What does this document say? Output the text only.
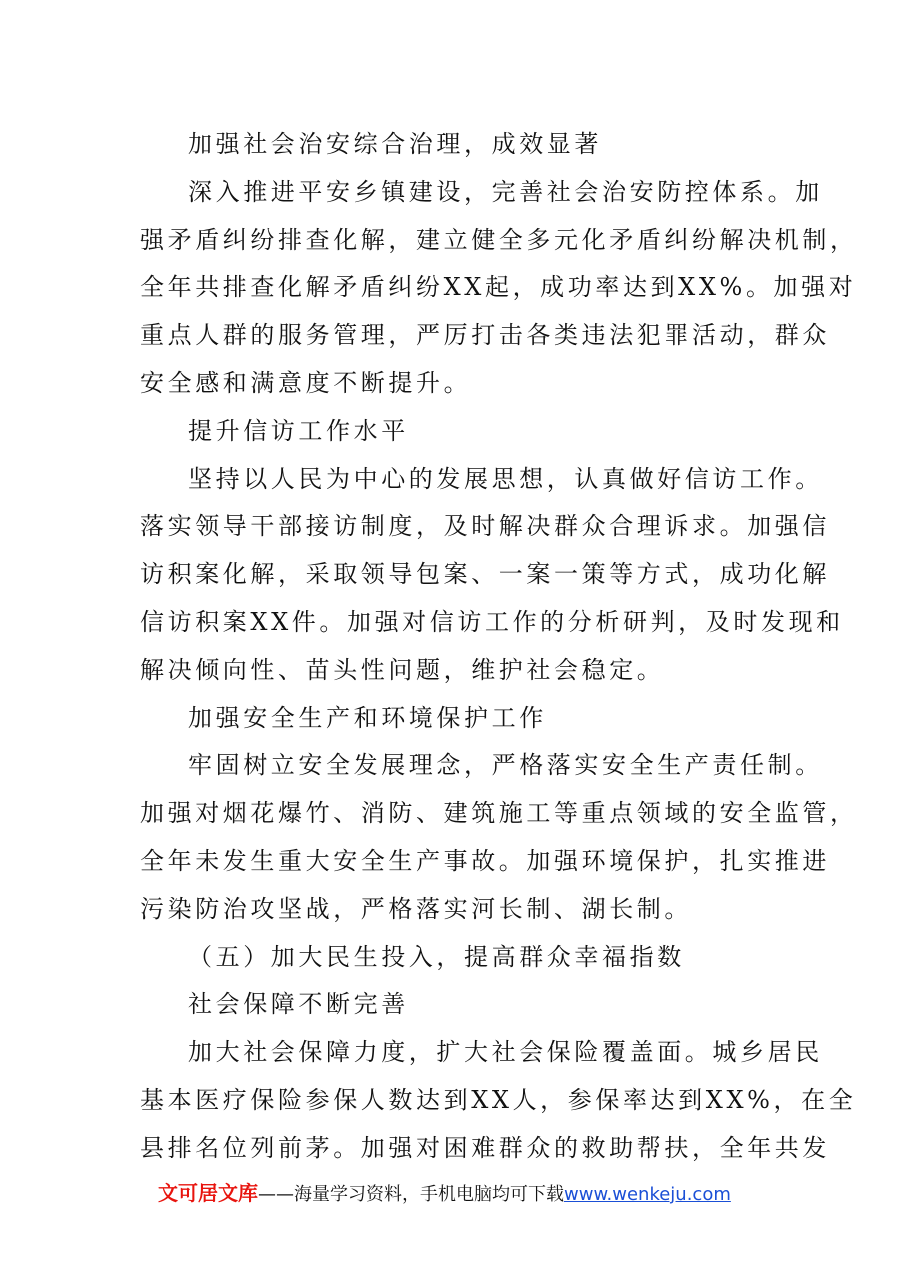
加强社会治安综合治理，成效显著
深入推进平安乡镇建设，完善社会治安防控体系。加
强矛盾纠纷排查化解，建立健全多元化矛盾纠纷解决机制，
全年共排查化解矛盾纠纷XX起，成功率达到XX%。加强对
重点人群的服务管理，严厉打击各类违法犯罪活动，群众
安全感和满意度不断提升。
提升信访工作水平
坚持以人民为中心的发展思想，认真做好信访工作。
落实领导干部接访制度，及时解决群众合理诉求。加强信
访积案化解，采取领导包案、一案一策等方式，成功化解
信访积案XX件。加强对信访工作的分析研判，及时发现和
解决倾向性、苗头性问题，维护社会稳定。
加强安全生产和环境保护工作
牢固树立安全发展理念，严格落实安全生产责任制。
加强对烟花爆竹、消防、建筑施工等重点领域的安全监管，
全年未发生重大安全生产事故。加强环境保护，扎实推进
污染防治攻坚战，严格落实河长制、湖长制。
（五）加大民生投入，提高群众幸福指数
社会保障不断完善
加大社会保障力度，扩大社会保险覆盖面。城乡居民
基本医疗保险参保人数达到XX人，参保率达到XX%，在全
县排名位列前茅。加强对困难群众的救助帮扶，全年共发
文可居文库——海量学习资料，手机电脑均可下载www.wenkeju.com
